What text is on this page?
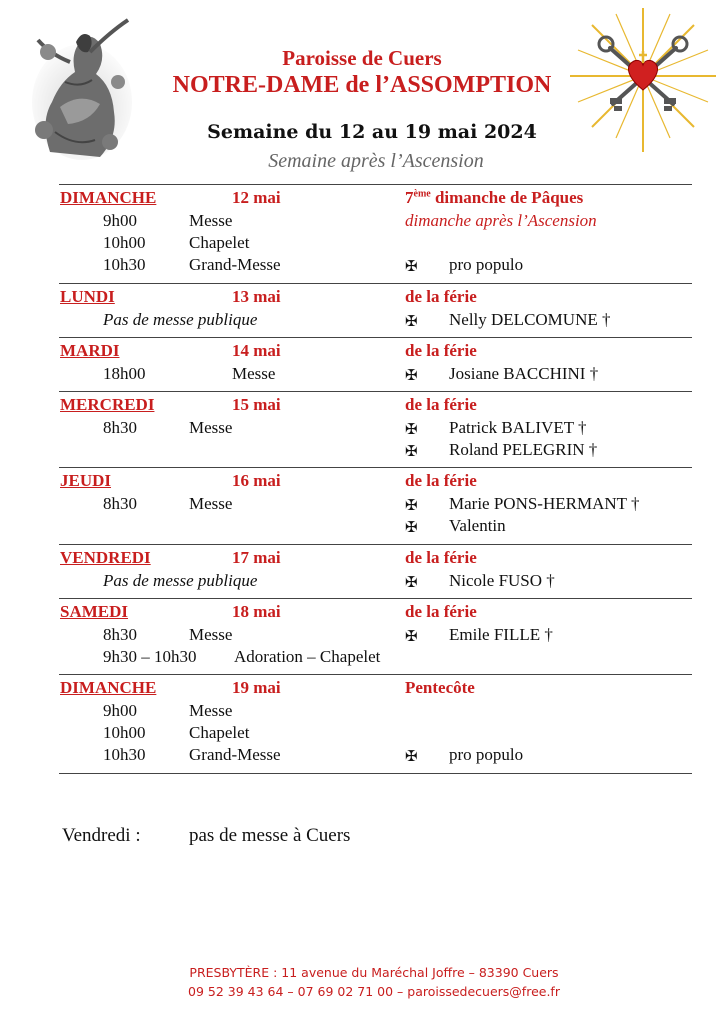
Paroisse de Cuers
NOTRE-DAME de l’ASSOMPTION
Semaine du 12 au 19 mai 2024
Semaine après l’Ascension
DIMANCHE	12 mai	7ème dimanche de Pâques
dimanche après l’Ascension
9h00	Messe
10h00	Chapelet
10h30	Grand-Messe	✠ pro populo
LUNDI	13 mai	de la férie
Pas de messe publique	✠ Nelly DELCOMUNE †
MARDI	14 mai	de la férie
18h00	Messe	✠ Josiane BACCHINI †
MERCREDI	15 mai	de la férie
8h30	Messe	✠ Patrick BALIVET †
✠ Roland PELEGRIN †
JEUDI	16 mai	de la férie
8h30	Messe	✠ Marie PONS-HERMANT †
✠ Valentin
VENDREDI	17 mai	de la férie
Pas de messe publique	✠ Nicole FUSO †
SAMEDI	18 mai	de la férie
8h30	Messe	✠ Emile FILLE †
9h30 – 10h30 Adoration – Chapelet
DIMANCHE	19 mai	Pentecôte
9h00	Messe
10h00	Chapelet
10h30	Grand-Messe	✠ pro populo
Vendredi :	pas de messe à Cuers
PRESBYTÈRE : 11 avenue du Maréchal Joffre – 83390 Cuers
09 52 39 43 64 – 07 69 02 71 00 – paroissedecuers@free.fr
